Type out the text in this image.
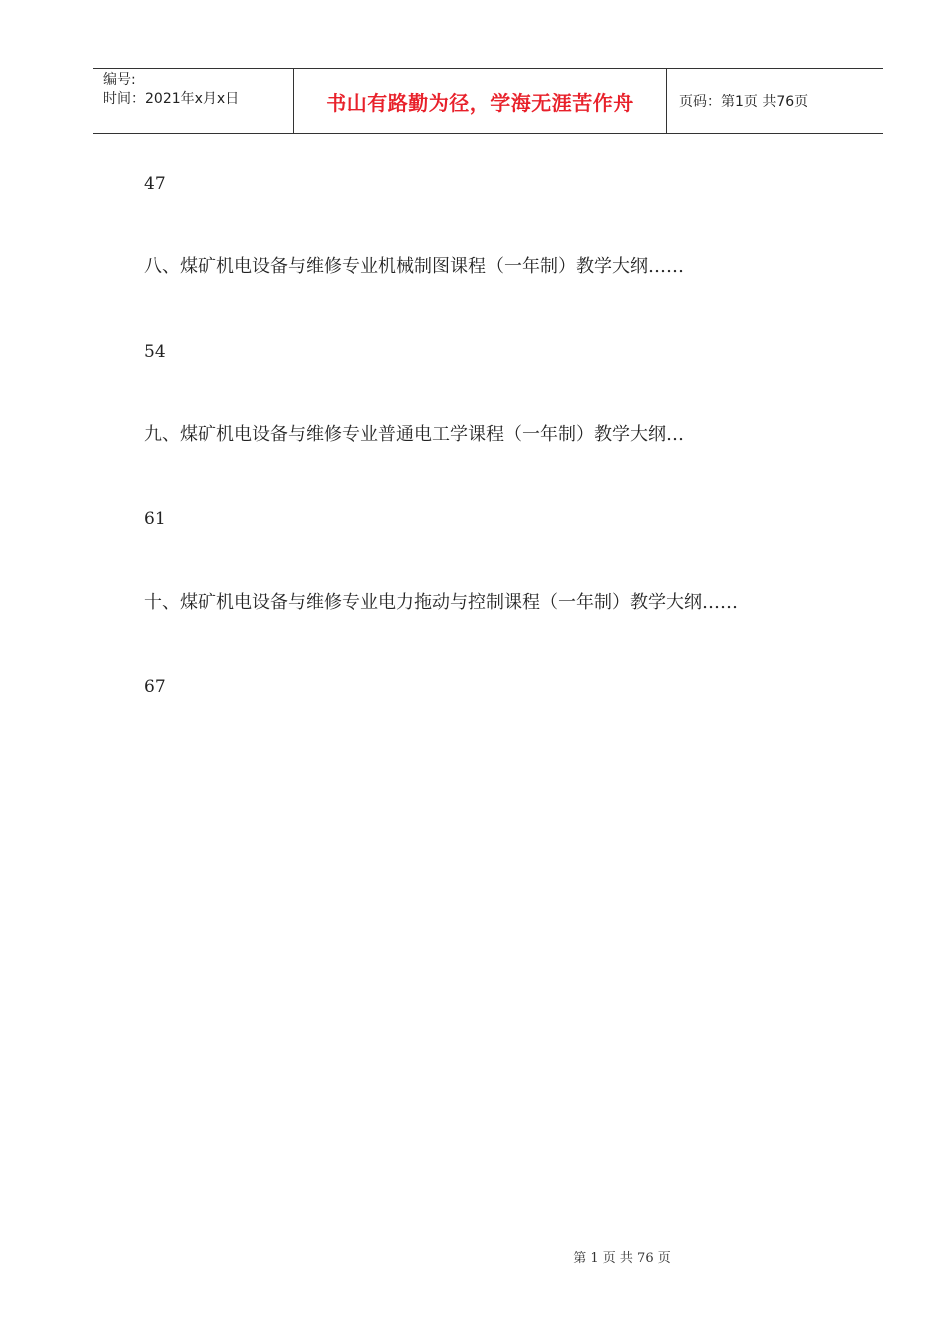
编号:
时间：2021年x月x日	书山有路勤为径，学海无涯苦作舟	页码：第1页 共76页
47
八、煤矿机电设备与维修专业机械制图课程（一年制）教学大纲……
54
九、煤矿机电设备与维修专业普通电工学课程（一年制）教学大纲…
61
十、煤矿机电设备与维修专业电力拖动与控制课程（一年制）教学大纲……
67
第 1 页 共 76 页
